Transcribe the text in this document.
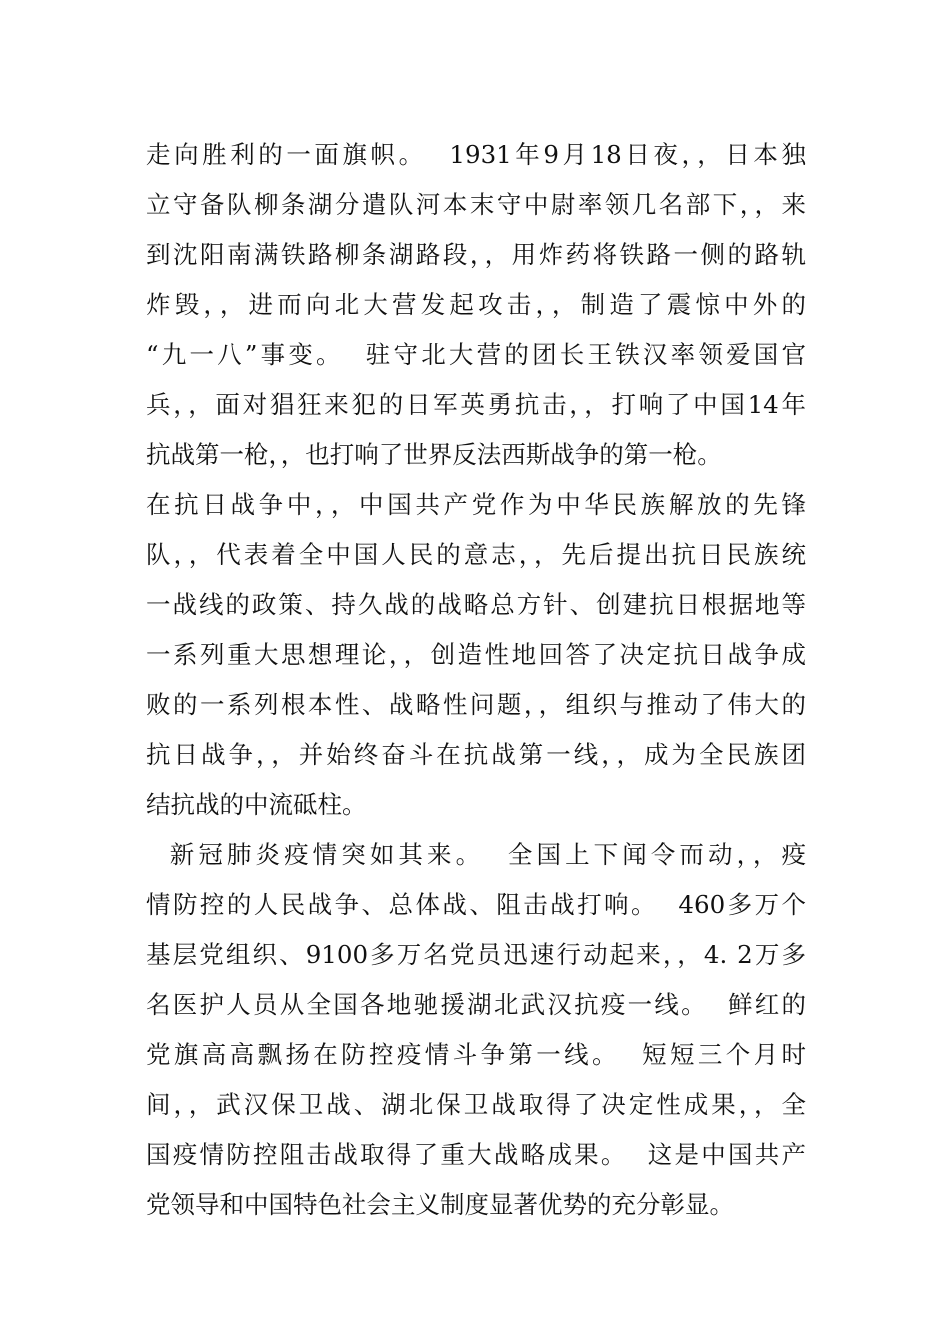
走向胜利的一面旗帜。  1931年9月18日夜，，日本独
立守备队柳条湖分遣队河本末守中尉率领几名部下，，来
到沈阳南满铁路柳条湖路段，，用炸药将铁路一侧的路轨
炸毁，，进而向北大营发起攻击，，制造了震惊中外的
“九一八”事变。  驻守北大营的团长王铁汉率领爱国官
兵，，面对猖狂来犯的日军英勇抗击，，打响了中国14年
抗战第一枪，，也打响了世界反法西斯战争的第一枪。
在抗日战争中，，中国共产党作为中华民族解放的先锋
队，，代表着全中国人民的意志，，先后提出抗日民族统
一战线的政策、持久战的战略总方针、创建抗日根据地等
一系列重大思想理论，，创造性地回答了决定抗日战争成
败的一系列根本性、战略性问题，，组织与推动了伟大的
抗日战争，，并始终奋斗在抗战第一线，，成为全民族团
结抗战的中流砥柱。
新冠肺炎疫情突如其来。  全国上下闻令而动，，疫
情防控的人民战争、总体战、阻击战打响。  460多万个
基层党组织、9100多万名党员迅速行动起来，，4. 2万多
名医护人员从全国各地驰援湖北武汉抗疫一线。  鲜红的
党旗高高飘扬在防控疫情斗争第一线。  短短三个月时
间，，武汉保卫战、湖北保卫战取得了决定性成果，，全
国疫情防控阻击战取得了重大战略成果。  这是中国共产
党领导和中国特色社会主义制度显著优势的充分彰显。
